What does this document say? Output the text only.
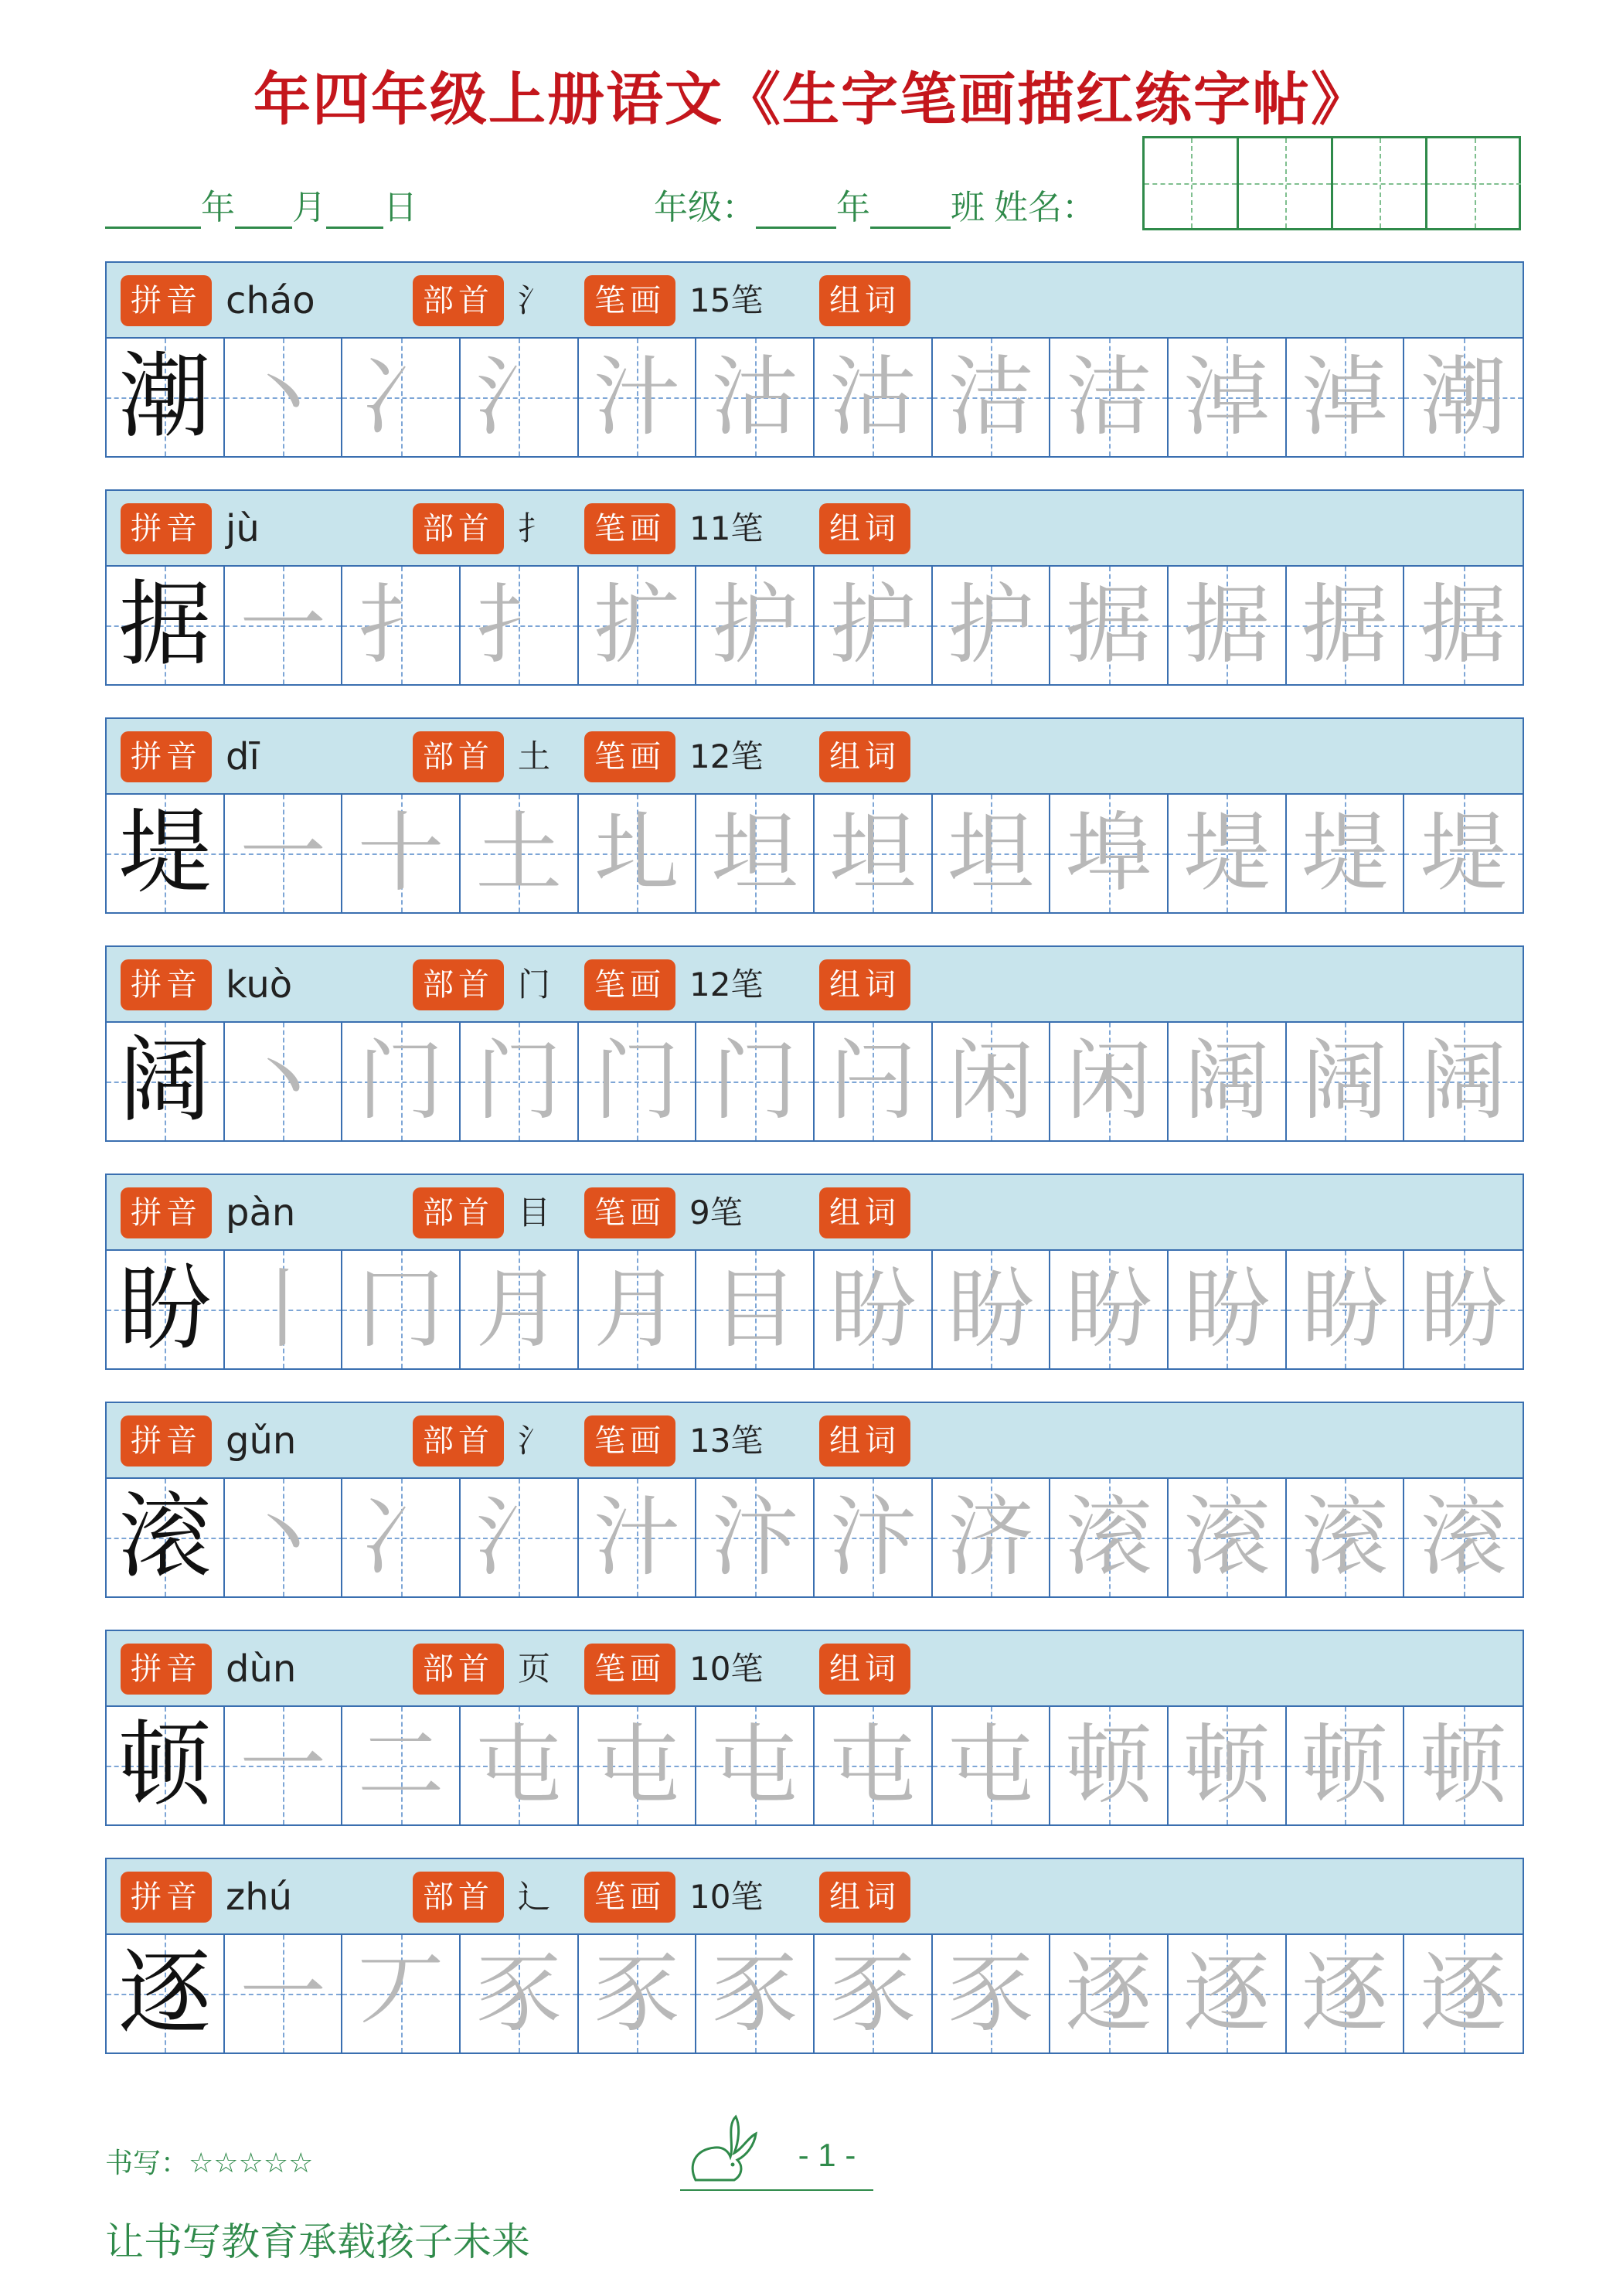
年四年级上册语文《生字笔画描红练字帖》
年 月 日	年级： 年 班 姓名：
拼音 cháo	部首 氵	笔画 15笔	组词
潮 丶 冫 氵 汁 沽 沽 洁 洁 淖 淖 潮
拼音 jù	部首 扌	笔画 11笔	组词
据 一 扌 扌 扩 护 护 护 据 据 据 据
拼音 dī	部首 土	笔画 12笔	组词
堤 一 十 土 圠 坦 坦 坦 埠 堤 堤 堤
拼音 kuò	部首 门	笔画 12笔	组词
阔 丶 门 门 门 门 闩 闲 闲 阔 阔 阔
拼音 pàn	部首 目	笔画 9笔	组词
盼 丨 冂 月 月 目 盼 盼 盼 盼 盼 盼
拼音 gǔn	部首 氵	笔画 13笔	组词
滚 丶 冫 氵 汁 汴 汴 济 滚 滚 滚 滚
拼音 dùn	部首 页	笔画 10笔	组词
顿 一 二 屯 屯 屯 屯 屯 顿 顿 顿 顿
拼音 zhú	部首 辶	笔画 10笔	组词
逐 一 丆 豕 豕 豕 豕 豕 逐 逐 逐 逐
书写：☆☆☆☆☆	- 1 -
让书写教育承载孩子未来
